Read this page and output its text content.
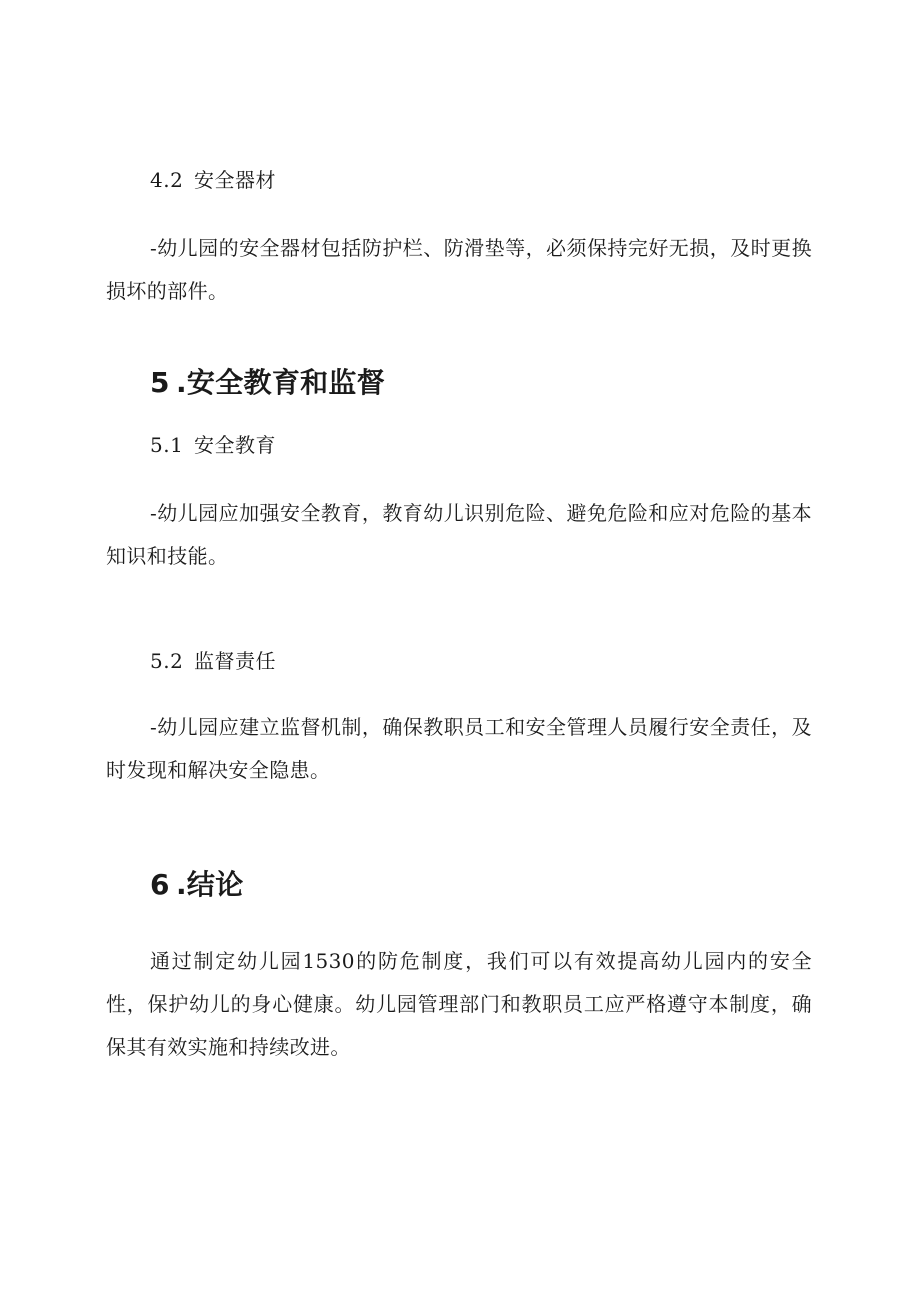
4.2 安全器材
-幼儿园的安全器材包括防护栏、防滑垫等，必须保持完好无损，及时更换损坏的部件。
5 .安全教育和监督
5.1 安全教育
-幼儿园应加强安全教育，教育幼儿识别危险、避免危险和应对危险的基本知识和技能。
5.2 监督责任
-幼儿园应建立监督机制，确保教职员工和安全管理人员履行安全责任，及时发现和解决安全隐患。
6 .结论
通过制定幼儿园1530的防危制度，我们可以有效提高幼儿园内的安全性，保护幼儿的身心健康。幼儿园管理部门和教职员工应严格遵守本制度，确保其有效实施和持续改进。
